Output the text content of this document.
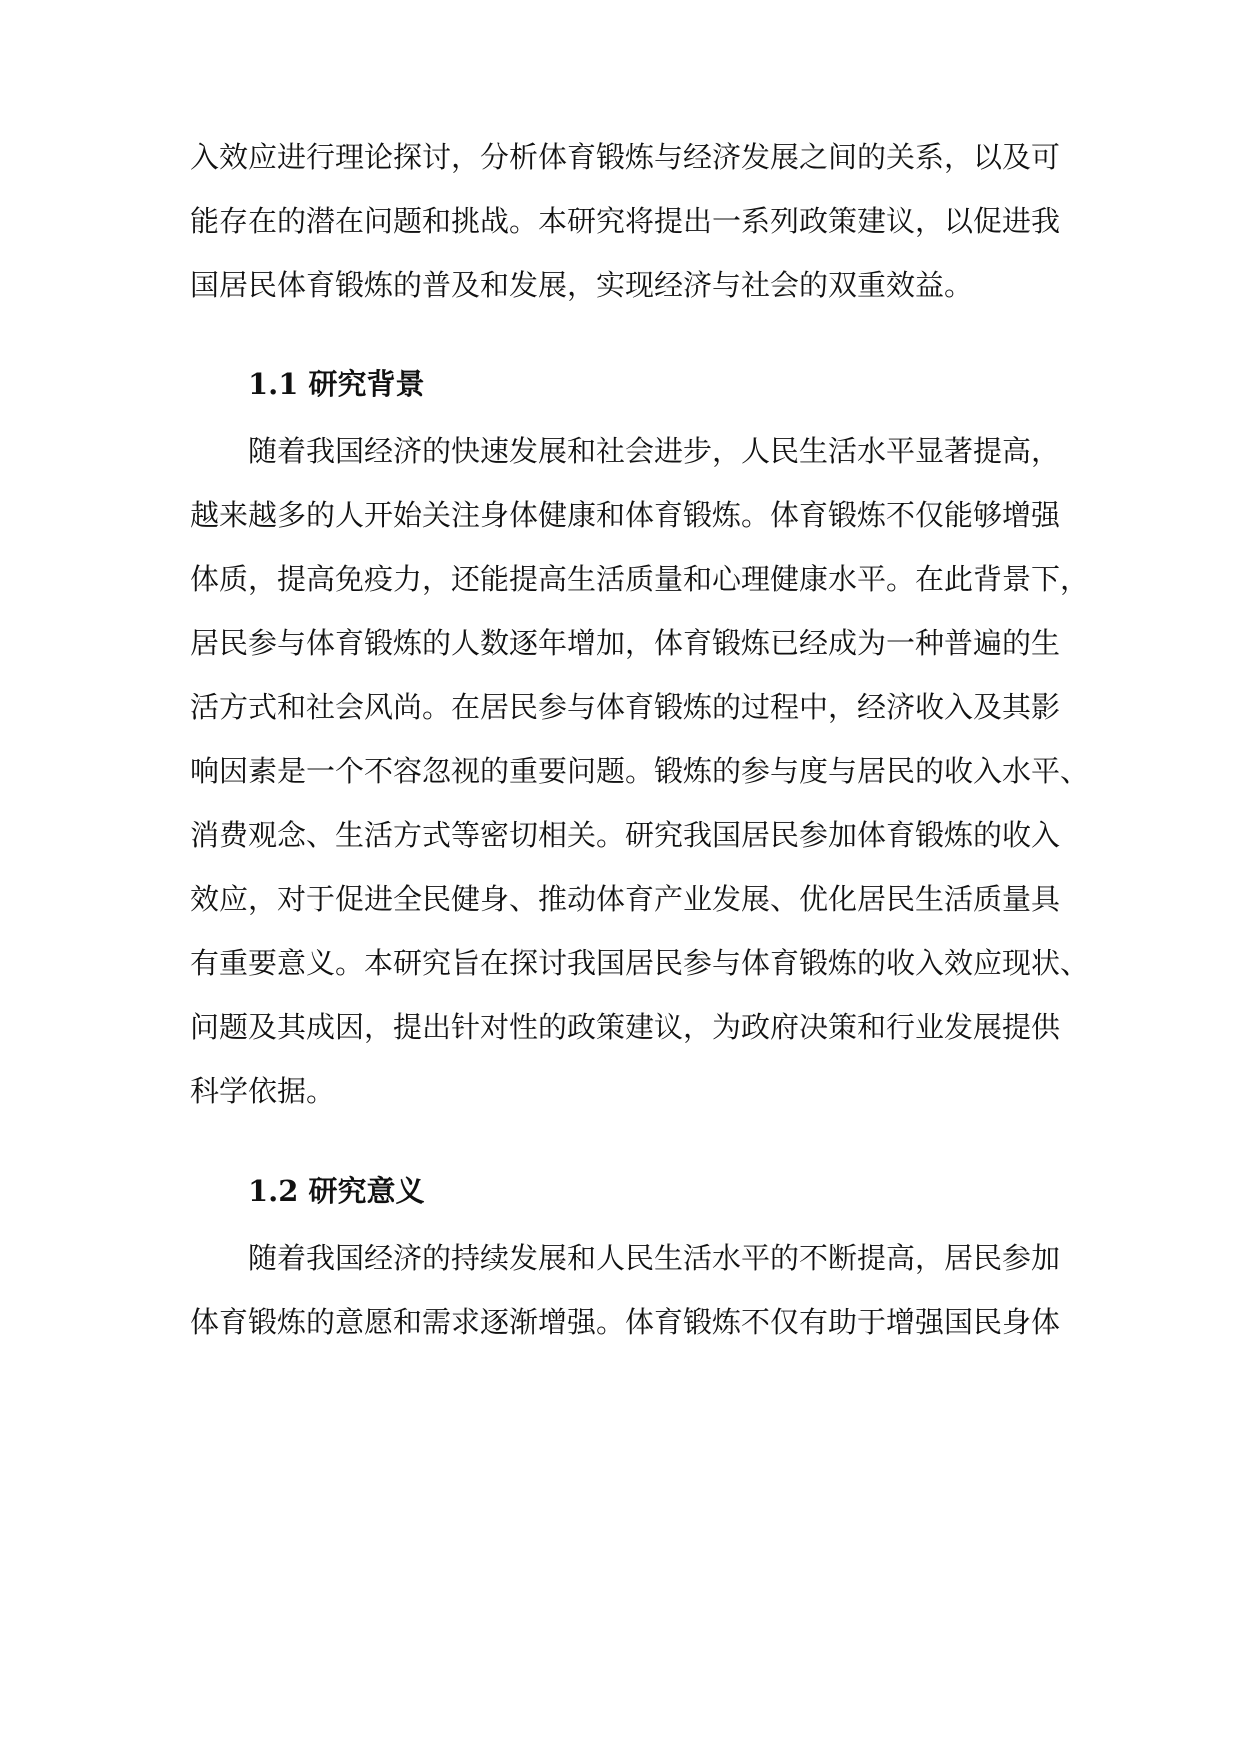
入效应进行理论探讨，分析体育锻炼与经济发展之间的关系，以及可
能存在的潜在问题和挑战。本研究将提出一系列政策建议，以促进我
国居民体育锻炼的普及和发展，实现经济与社会的双重效益。
1.1 研究背景
随着我国经济的快速发展和社会进步，人民生活水平显著提高，
越来越多的人开始关注身体健康和体育锻炼。体育锻炼不仅能够增强
体质，提高免疫力，还能提高生活质量和心理健康水平。在此背景下，
居民参与体育锻炼的人数逐年增加，体育锻炼已经成为一种普遍的生
活方式和社会风尚。在居民参与体育锻炼的过程中，经济收入及其影
响因素是一个不容忽视的重要问题。锻炼的参与度与居民的收入水平、
消费观念、生活方式等密切相关。研究我国居民参加体育锻炼的收入
效应，对于促进全民健身、推动体育产业发展、优化居民生活质量具
有重要意义。本研究旨在探讨我国居民参与体育锻炼的收入效应现状、
问题及其成因，提出针对性的政策建议，为政府决策和行业发展提供
科学依据。
1.2 研究意义
随着我国经济的持续发展和人民生活水平的不断提高，居民参加
体育锻炼的意愿和需求逐渐增强。体育锻炼不仅有助于增强国民身体
